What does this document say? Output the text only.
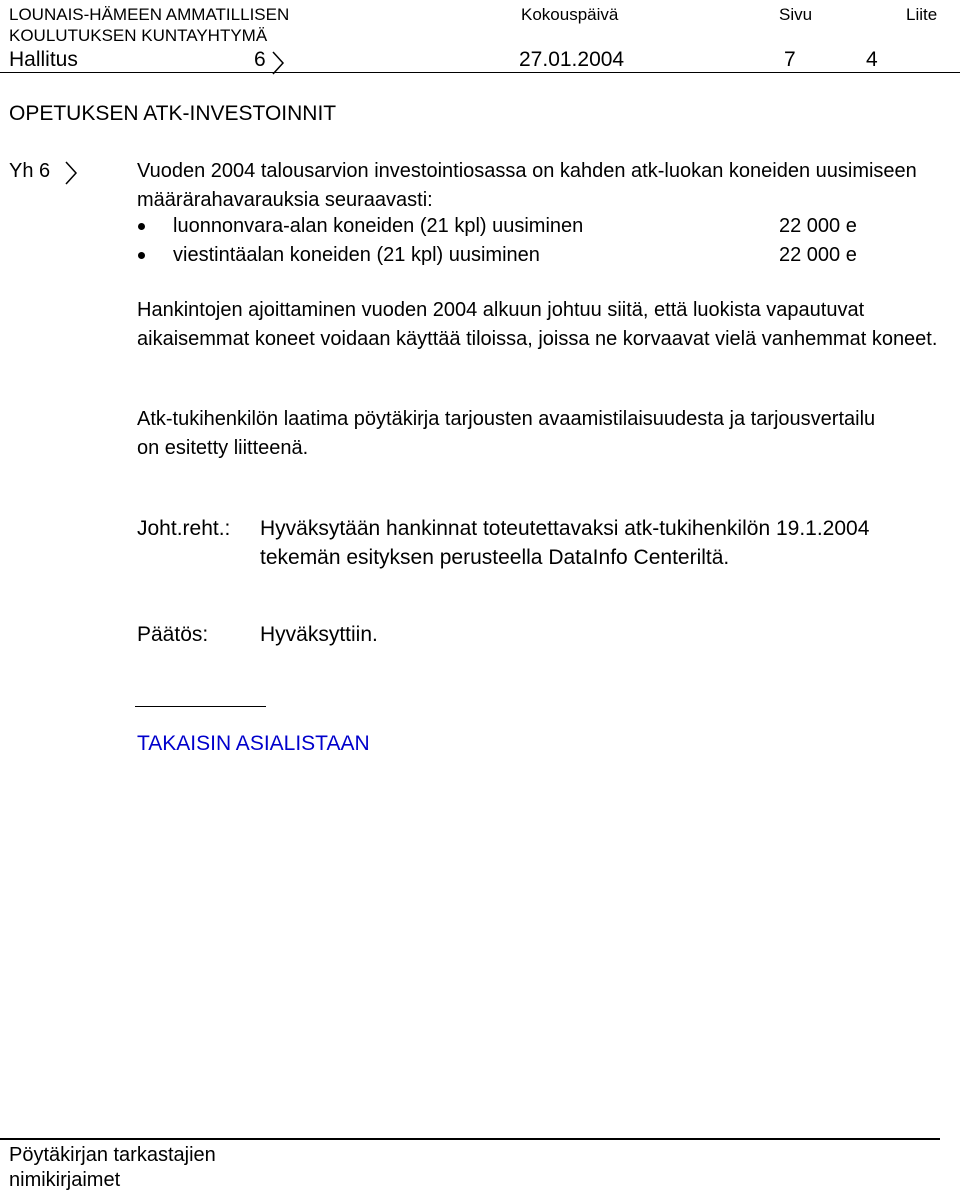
LOUNAIS-HÄMEEN AMMATILLISEN
KOULUTUKSEN KUNTAYHTYMÄ
Kokouspäivä	Sivu	Liite
Hallitus	6	27.01.2004	7	4
OPETUKSEN ATK-INVESTOINNIT
Yh 6	Vuoden 2004 talousarvion investointiosassa on kahden atk-luokan koneiden uusimiseen määrärahavarauksia seuraavasti:
luonnonvara-alan koneiden (21 kpl) uusiminen	22 000 e
viestintäalan koneiden (21 kpl) uusiminen	22 000 e
Hankintojen ajoittaminen vuoden 2004 alkuun johtuu siitä, että luokista vapautuvat aikaisemmat koneet voidaan käyttää tiloissa, joissa ne korvaavat vielä vanhemmat koneet.
Atk-tukihenkilön laatima pöytäkirja tarjousten avaamistilaisuudesta ja tarjousvertailu on esitetty liitteenä.
Joht.reht.: Hyväksytään hankinnat toteutettavaksi atk-tukihenkilön 19.1.2004 tekemän esityksen perusteella DataInfo Centeriltä.
Päätös: Hyväksyttiin.
TAKAISIN ASIALISTAAN
Pöytäkirjan tarkastajien
nimikirjaimet
